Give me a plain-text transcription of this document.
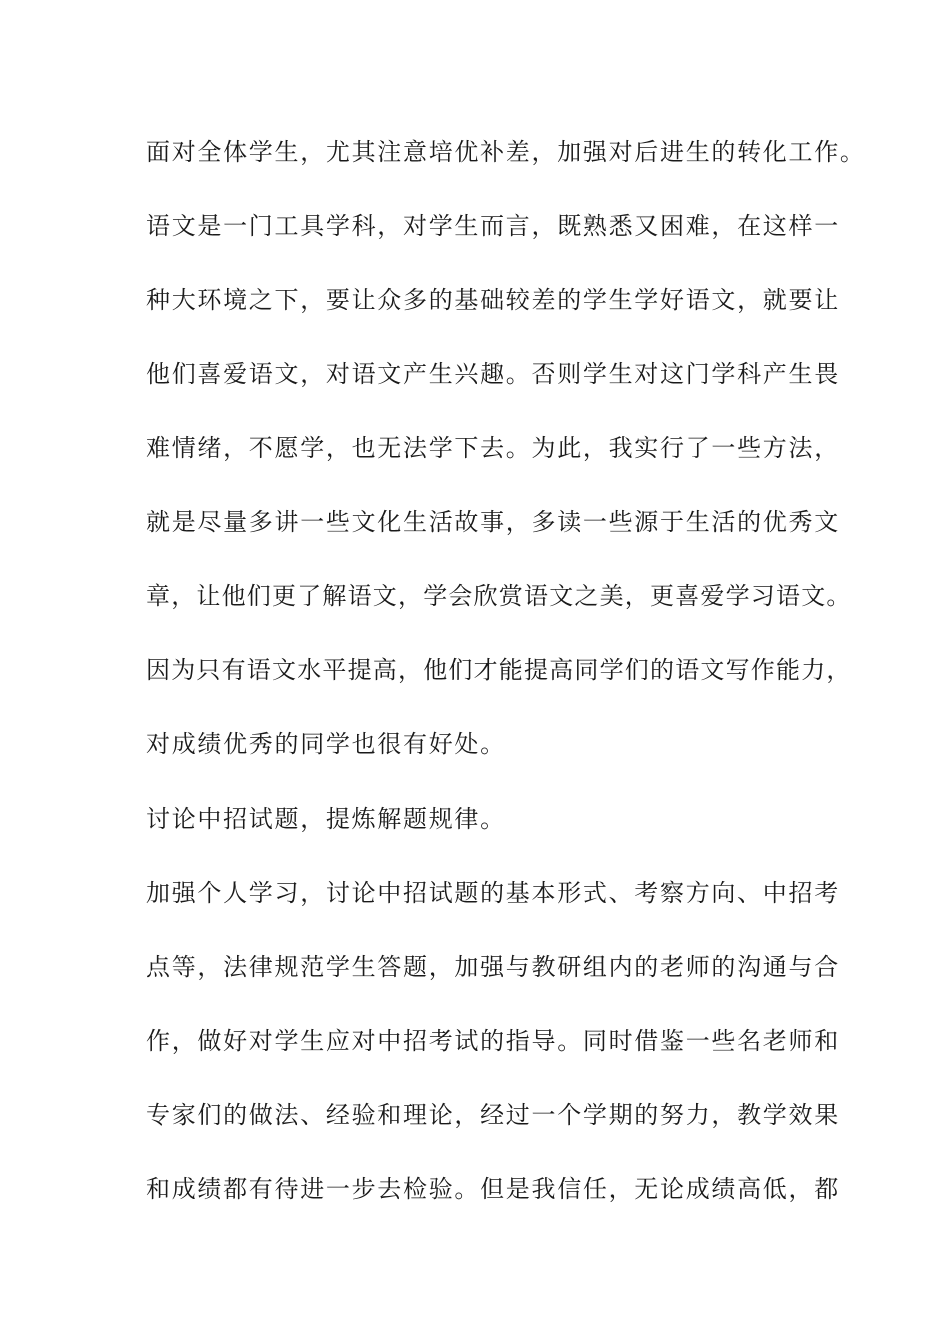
面对全体学生，尤其注意培优补差，加强对后进生的转化工作。
语文是一门工具学科，对学生而言，既熟悉又困难，在这样一
种大环境之下，要让众多的基础较差的学生学好语文，就要让
他们喜爱语文，对语文产生兴趣。否则学生对这门学科产生畏
难情绪，不愿学，也无法学下去。为此，我实行了一些方法，
就是尽量多讲一些文化生活故事，多读一些源于生活的优秀文
章，让他们更了解语文，学会欣赏语文之美，更喜爱学习语文。
因为只有语文水平提高，他们才能提高同学们的语文写作能力，
对成绩优秀的同学也很有好处。
讨论中招试题，提炼解题规律。
加强个人学习，讨论中招试题的基本形式、考察方向、中招考
点等，法律规范学生答题，加强与教研组内的老师的沟通与合
作，做好对学生应对中招考试的指导。同时借鉴一些名老师和
专家们的做法、经验和理论，经过一个学期的努力，教学效果
和成绩都有待进一步去检验。但是我信任，无论成绩高低，都
